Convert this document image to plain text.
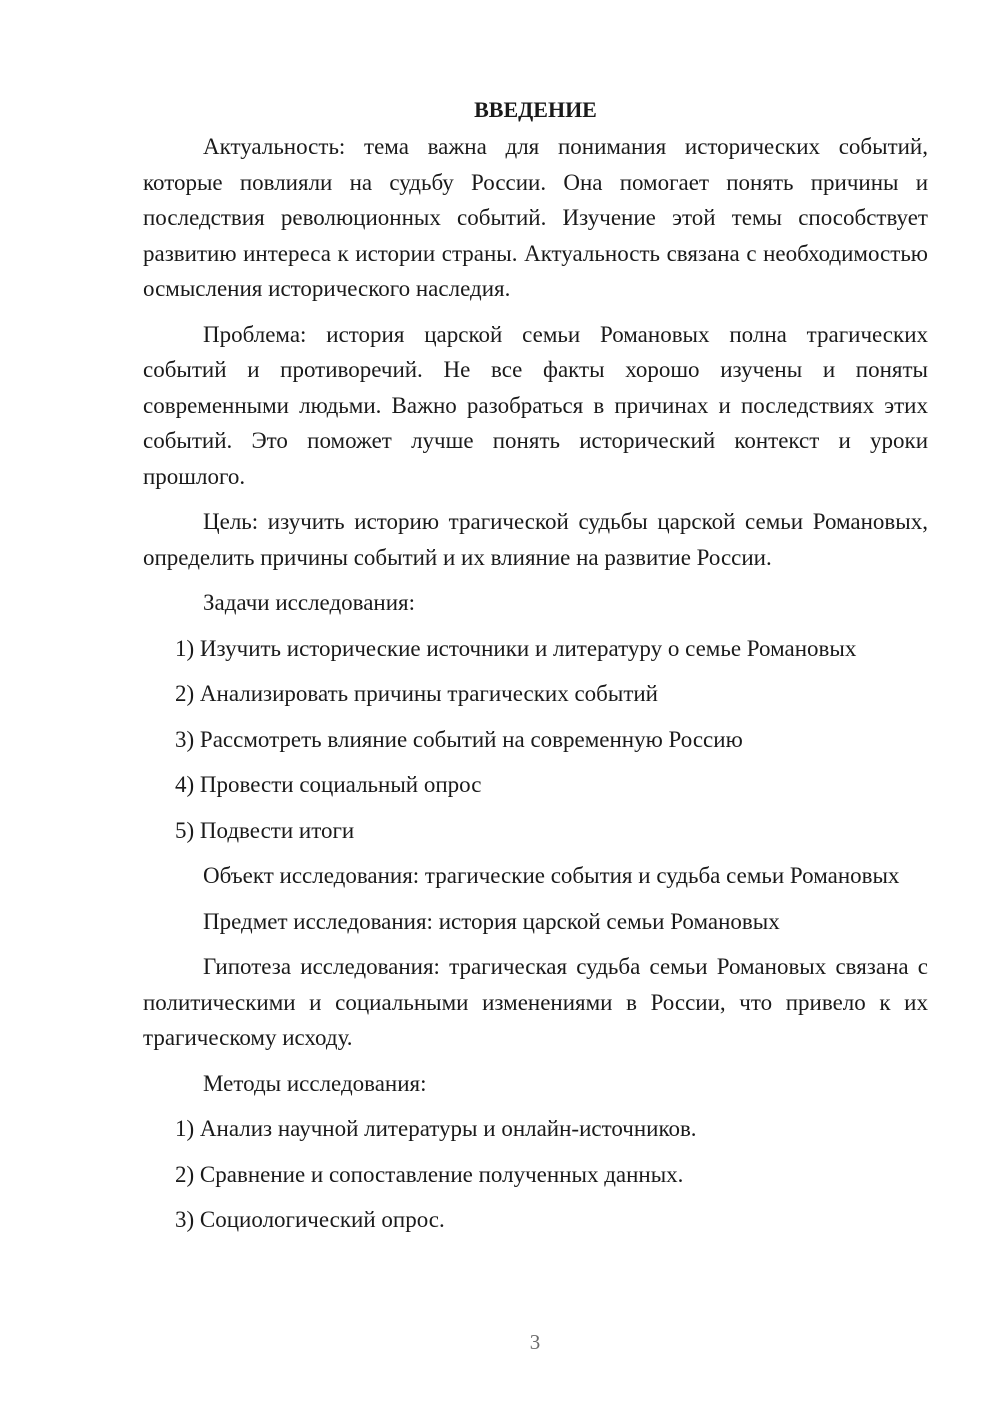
ВВЕДЕНИЕ

Актуальность: тема важна для понимания исторических событий, которые повлияли на судьбу России. Она помогает понять причины и последствия революционных событий. Изучение этой темы способствует развитию интереса к истории страны. Актуальность связана с необходимостью осмысления исторического наследия.

Проблема: история царской семьи Романовых полна трагических событий и противоречий. Не все факты хорошо изучены и поняты современными людьми. Важно разобраться в причинах и последствиях этих событий. Это поможет лучше понять исторический контекст и уроки прошлого.

Цель: изучить историю трагической судьбы царской семьи Романовых, определить причины событий и их влияние на развитие России.

Задачи исследования:

1) Изучить исторические источники и литературу о семье Романовых

2) Анализировать причины трагических событий

3) Рассмотреть влияние событий на современную Россию

4) Провести социальный опрос

5) Подвести итоги

Объект исследования: трагические события и судьба семьи Романовых

Предмет исследования: история царской семьи Романовых

Гипотеза исследования: трагическая судьба семьи Романовых связана с политическими и социальными изменениями в России, что привело к их трагическому исходу.

Методы исследования:

1) Анализ научной литературы и онлайн-источников.

2) Сравнение и сопоставление полученных данных.

3) Социологический опрос.

3
